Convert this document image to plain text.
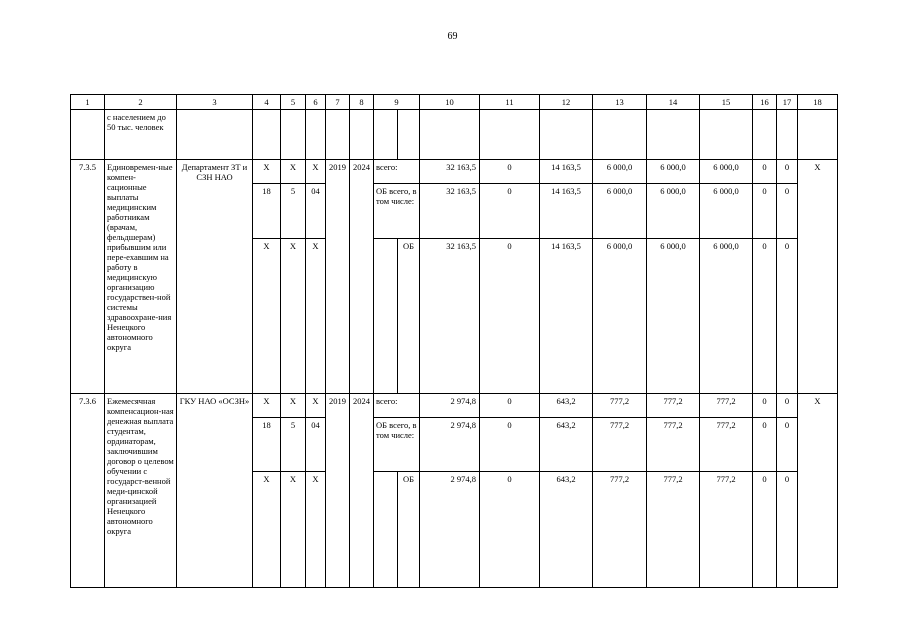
69
1	2	3	4	5	6	7	8	9		10	11	12	13	14	15	16	17	18
	с населением до 50 тыс. человек																	
7.3.5	Единовремен-ные компен-сационные выплаты медицинским работникам (врачам, фельдшерам) прибывшим или пере-ехавшим на работу в медицинскую организацию государствен-ной системы здравоохране-ния Ненецкого автономного округа	Департамент ЗТ и СЗН НАО	Х	Х	Х	2019	2024	всего:		32 163,5	0	14 163,5	6 000,0	6 000,0	6 000,0	0	0	Х
			18	5	04			ОБ всего, в том числе:		32 163,5	0	14 163,5	6 000,0	6 000,0	6 000,0	0	0	
			Х	Х	Х				ОБ	32 163,5	0	14 163,5	6 000,0	6 000,0	6 000,0	0	0	
7.3.6	Ежемесячная компенсацион-ная денежная выплата студентам, ординаторам, заключившим договор о целевом обучении с государст-венной меди-цинской организацией Ненецкого автономного округа	ГКУ НАО «ОСЗН»	Х	Х	Х	2019	2024	всего:		2 974,8	0	643,2	777,2	777,2	777,2	0	0	Х
			18	5	04			ОБ всего, в том числе:		2 974,8	0	643,2	777,2	777,2	777,2	0	0	
			Х	Х	Х				ОБ	2 974,8	0	643,2	777,2	777,2	777,2	0	0	
